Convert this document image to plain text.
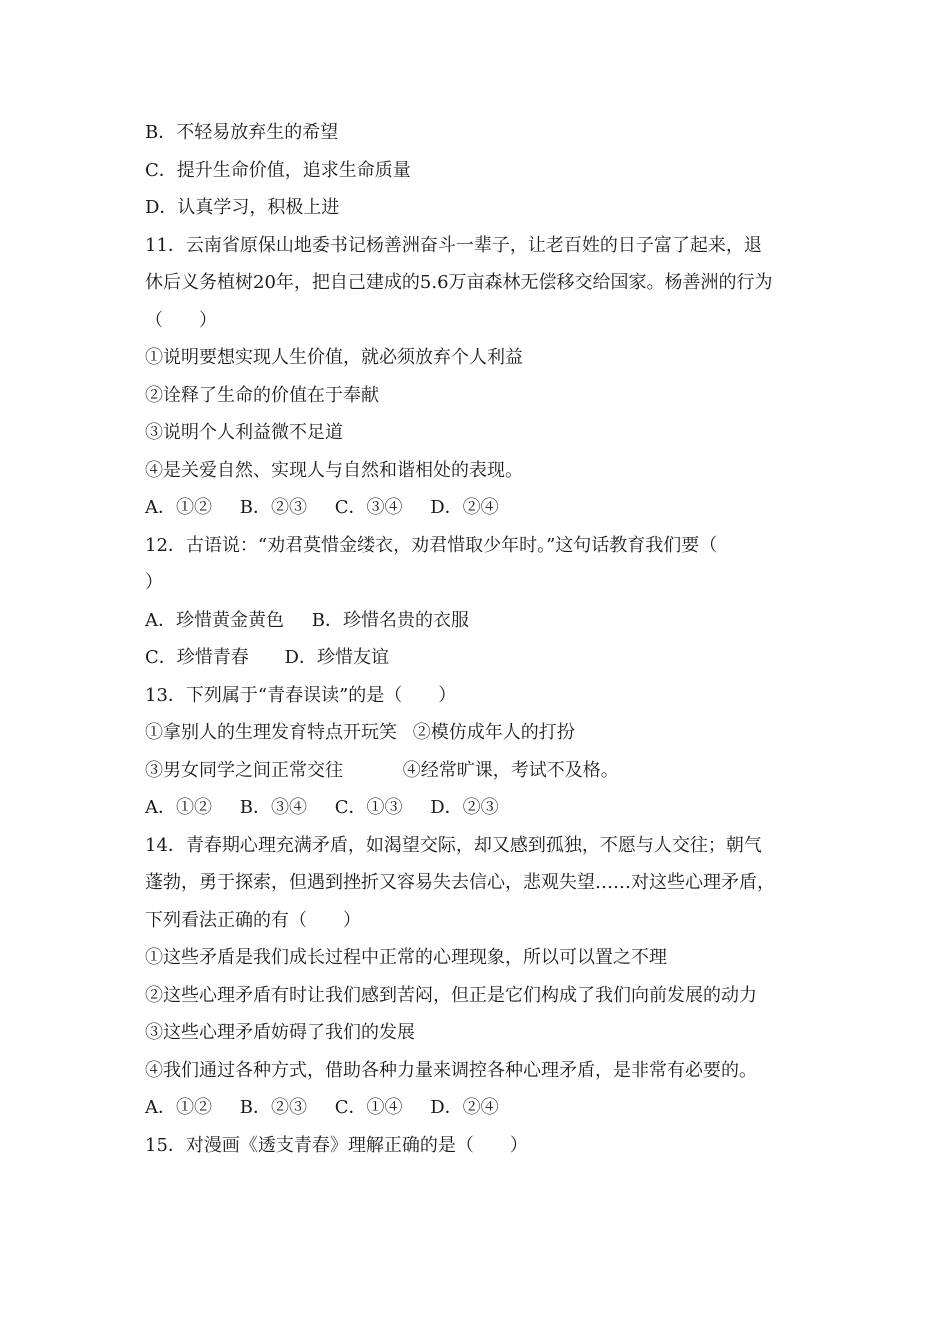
B．不轻易放弃生的希望
C．提升生命价值，追求生命质量
D．认真学习，积极上进
11．云南省原保山地委书记杨善洲奋斗一辈子，让老百姓的日子富了起来，退
休后义务植树20年，把自己建成的5.6万亩森林无偿移交给国家。杨善洲的行为
（　　）
①说明要想实现人生价值，就必须放弃个人利益
②诠释了生命的价值在于奉献
③说明个人利益微不足道
④是关爱自然、实现人与自然和谐相处的表现。
A．①② B．②③ C．③④ D．②④
12．古语说：“劝君莫惜金缕衣，劝君惜取少年时。”这句话教育我们要（
）
A．珍惜黄金黄色 B．珍惜名贵的衣服
C．珍惜青春 D．珍惜友谊
13．下列属于“青春误读”的是（　　）
①拿别人的生理发育特点开玩笑 ②模仿成年人的打扮
③男女同学之间正常交往	④经常旷课，考试不及格。
A．①② B．③④ C．①③ D．②③
14．青春期心理充满矛盾，如渴望交际，却又感到孤独，不愿与人交往；朝气
蓬勃，勇于探索，但遇到挫折又容易失去信心，悲观失望……对这些心理矛盾，
下列看法正确的有（　　）
①这些矛盾是我们成长过程中正常的心理现象，所以可以置之不理
②这些心理矛盾有时让我们感到苦闷，但正是它们构成了我们向前发展的动力
③这些心理矛盾妨碍了我们的发展
④我们通过各种方式，借助各种力量来调控各种心理矛盾，是非常有必要的。
A．①② B．②③ C．①④ D．②④
15．对漫画《透支青春》理解正确的是（　　）
